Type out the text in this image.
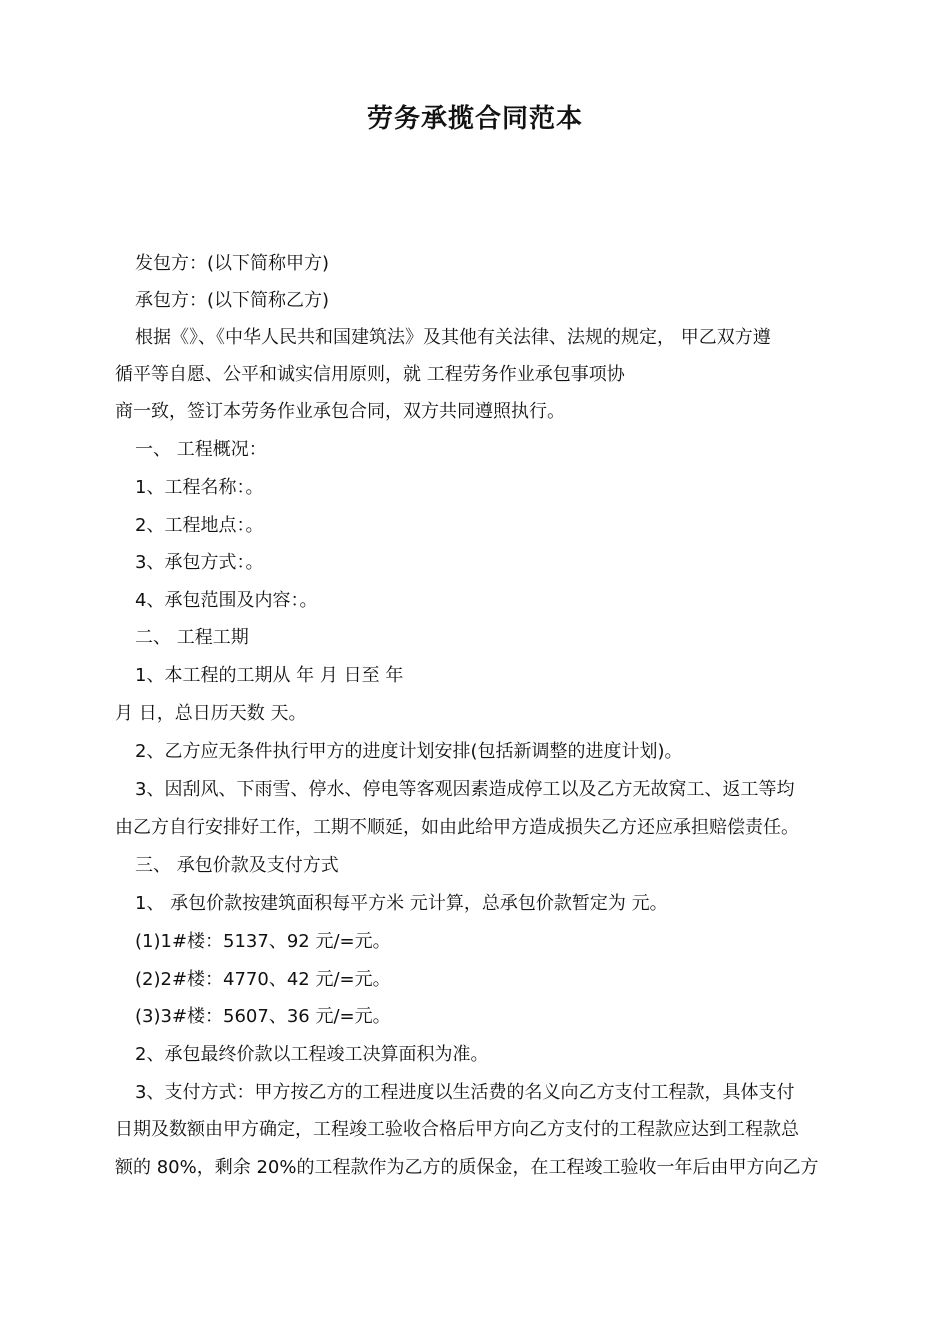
劳务承揽合同范本
发包方：(以下简称甲方)
承包方：(以下简称乙方)
根据《》、《中华人民共和国建筑法》及其他有关法律、法规的规定， 甲乙双方遵
循平等自愿、公平和诚实信用原则，就 工程劳务作业承包事项协
商一致，签订本劳务作业承包合同，双方共同遵照执行。
一、 工程概况：
1、工程名称：。
2、工程地点：。
3、承包方式：。
4、承包范围及内容：。
二、 工程工期
1、本工程的工期从 年 月 日至 年
月 日，总日历天数 天。
2、乙方应无条件执行甲方的进度计划安排(包括新调整的进度计划)。
3、因刮风、下雨雪、停水、停电等客观因素造成停工以及乙方无故窝工、返工等均
由乙方自行安排好工作，工期不顺延，如由此给甲方造成损失乙方还应承担赔偿责任。
三、 承包价款及支付方式
1、 承包价款按建筑面积每平方米 元计算，总承包价款暂定为 元。
(1)1#楼：5137、92 元/=元。
(2)2#楼：4770、42 元/=元。
(3)3#楼：5607、36 元/=元。
2、承包最终价款以工程竣工决算面积为准。
3、支付方式：甲方按乙方的工程进度以生活费的名义向乙方支付工程款，具体支付
日期及数额由甲方确定，工程竣工验收合格后甲方向乙方支付的工程款应达到工程款总
额的 80%，剩余 20%的工程款作为乙方的质保金，在工程竣工验收一年后由甲方向乙方
